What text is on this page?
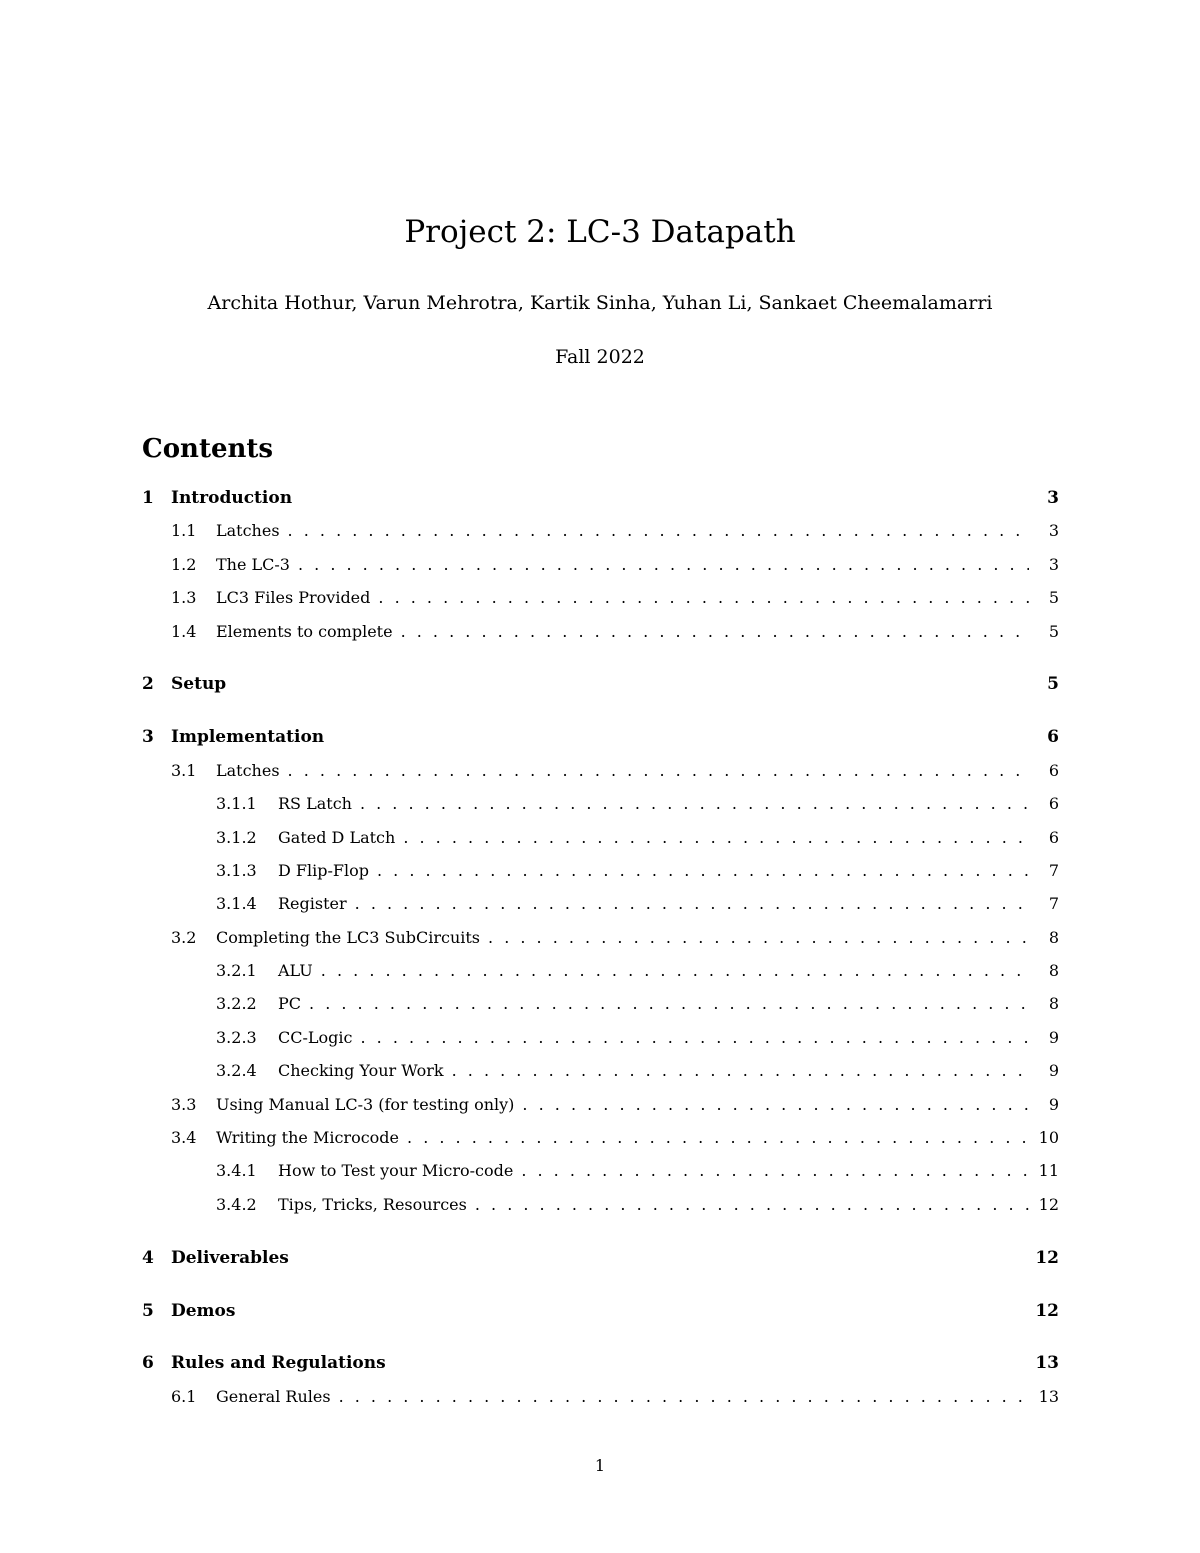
Project 2: LC-3 Datapath
Archita Hothur, Varun Mehrotra, Kartik Sinha, Yuhan Li, Sankaet Cheemalamarri
Fall 2022
Contents
1	Introduction	3
1.1	Latches . . .	3
1.2	The LC-3 . . .	3
1.3	LC3 Files Provided . . .	5
1.4	Elements to complete . . .	5
2	Setup	5
3	Implementation	6
3.1	Latches . . .	6
3.1.1	RS Latch . . .	6
3.1.2	Gated D Latch . . .	6
3.1.3	D Flip-Flop . . .	7
3.1.4	Register . . .	7
3.2	Completing the LC3 SubCircuits . . .	8
3.2.1	ALU . . .	8
3.2.2	PC . . .	8
3.2.3	CC-Logic . . .	9
3.2.4	Checking Your Work . . .	9
3.3	Using Manual LC-3 (for testing only) . . .	9
3.4	Writing the Microcode . . .	10
3.4.1	How to Test your Micro-code . . .	11
3.4.2	Tips, Tricks, Resources . . .	12
4	Deliverables	12
5	Demos	12
6	Rules and Regulations	13
6.1	General Rules . . .	13
1
